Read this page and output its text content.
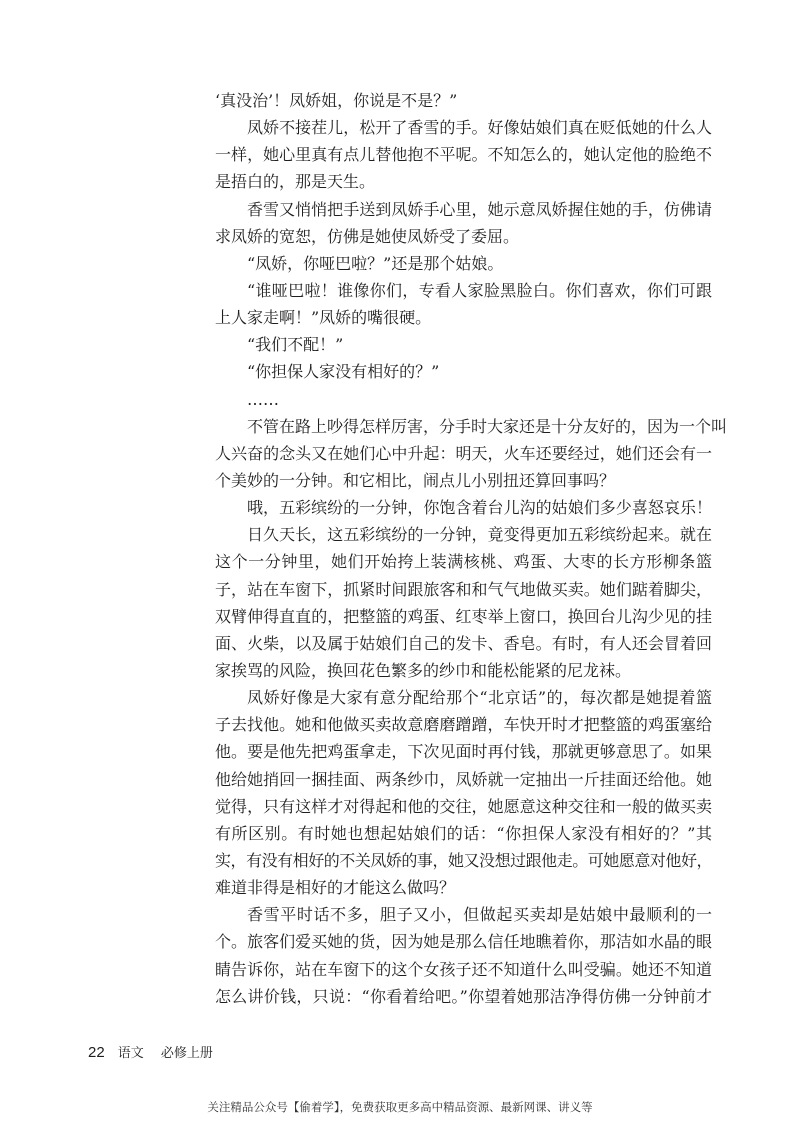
‘真没治’！凤娇姐，你说是不是？”
凤娇不接茬儿，松开了香雪的手。好像姑娘们真在贬低她的什么人
一样，她心里真有点儿替他抱不平呢。不知怎么的，她认定他的脸绝不
是捂白的，那是天生。
香雪又悄悄把手送到凤娇手心里，她示意凤娇握住她的手，仿佛请
求凤娇的宽恕，仿佛是她使凤娇受了委屈。
“凤娇，你哑巴啦？”还是那个姑娘。
“谁哑巴啦！谁像你们，专看人家脸黑脸白。你们喜欢，你们可跟
上人家走啊！”凤娇的嘴很硬。
“我们不配！”
“你担保人家没有相好的？”
……
不管在路上吵得怎样厉害，分手时大家还是十分友好的，因为一个叫
人兴奋的念头又在她们心中升起：明天，火车还要经过，她们还会有一
个美妙的一分钟。和它相比，闹点儿小别扭还算回事吗？
哦，五彩缤纷的一分钟，你饱含着台儿沟的姑娘们多少喜怒哀乐！
日久天长，这五彩缤纷的一分钟，竟变得更加五彩缤纷起来。就在
这个一分钟里，她们开始挎上装满核桃、鸡蛋、大枣的长方形柳条篮
子，站在车窗下，抓紧时间跟旅客和和气气地做买卖。她们踮着脚尖，
双臂伸得直直的，把整篮的鸡蛋、红枣举上窗口，换回台儿沟少见的挂
面、火柴，以及属于姑娘们自己的发卡、香皂。有时，有人还会冒着回
家挨骂的风险，换回花色繁多的纱巾和能松能紧的尼龙袜。
凤娇好像是大家有意分配给那个“北京话”的，每次都是她提着篮
子去找他。她和他做买卖故意磨磨蹭蹭，车快开时才把整篮的鸡蛋塞给
他。要是他先把鸡蛋拿走，下次见面时再付钱，那就更够意思了。如果
他给她捎回一捆挂面、两条纱巾，凤娇就一定抽出一斤挂面还给他。她
觉得，只有这样才对得起和他的交往，她愿意这种交往和一般的做买卖
有所区别。有时她也想起姑娘们的话：“你担保人家没有相好的？”其
实，有没有相好的不关凤娇的事，她又没想过跟他走。可她愿意对他好，
难道非得是相好的才能这么做吗？
香雪平时话不多，胆子又小，但做起买卖却是姑娘中最顺利的一
个。旅客们爱买她的货，因为她是那么信任地瞧着你，那洁如水晶的眼
睛告诉你，站在车窗下的这个女孩子还不知道什么叫受骗。她还不知道
怎么讲价钱，只说：“你看着给吧。”你望着她那洁净得仿佛一分钟前才
22 语文 必修上册
关注精品公众号【偷着学】，免费获取更多高中精品资源、最新网课、讲义等
